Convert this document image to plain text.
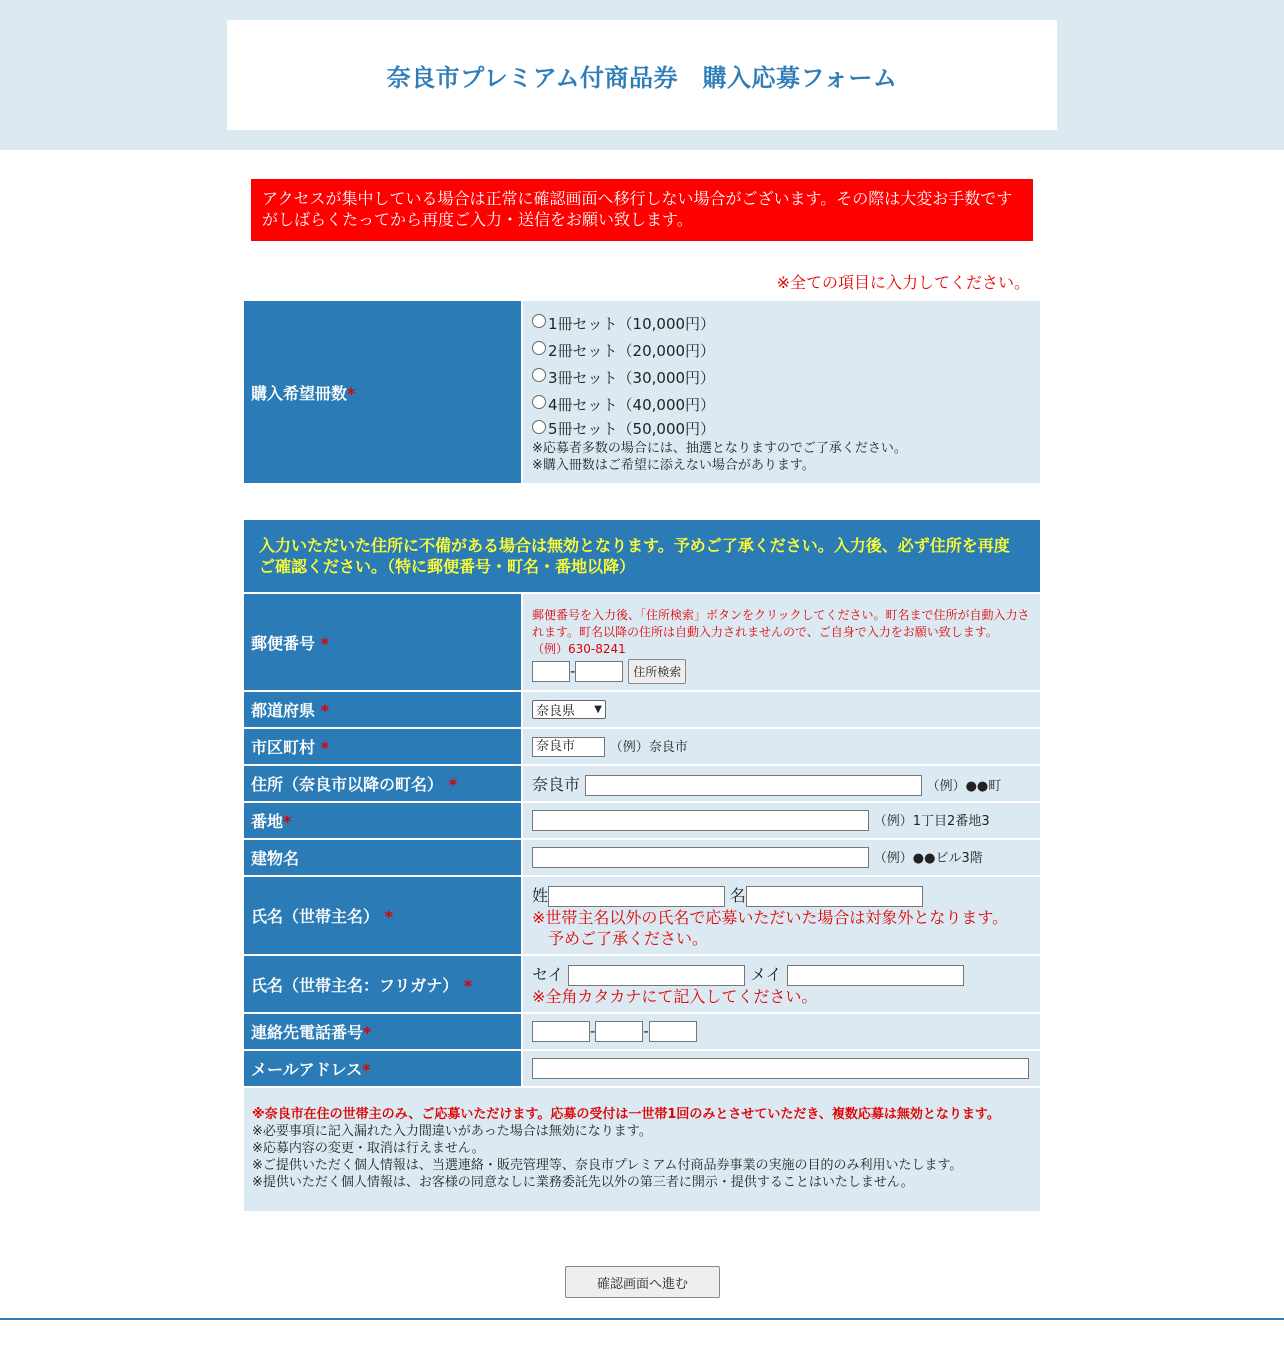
奈良市プレミアム付商品券　購入応募フォーム
アクセスが集中している場合は正常に確認画面へ移行しない場合がございます。その際は大変お手数ですがしばらくたってから再度ご入力・送信をお願い致します。
※全ての項目に入力してください。
購入希望冊数*	
1冊セット（10,000円）
2冊セット（20,000円）
3冊セット（30,000円）
4冊セット（40,000円）
5冊セット（50,000円）
※応募者多数の場合には、抽選となりますのでご了承ください。
※購入冊数はご希望に添えない場合があります。
入力いただいた住所に不備がある場合は無効となります。予めご了承ください。入力後、必ず住所を再度ご確認ください。（特に郵便番号・町名・番地以降）	
郵便番号 *	郵便番号を入力後、「住所検索」ボタンをクリックしてください。町名まで住所が自動入力されます。町名以降の住所は自動入力されませんので、ご自身で入力をお願い致します。
（例）630-8241
- 住所検索

都道府県 *	奈良県 ▼

市区町村 *	奈良市 （例）奈良市
住所（奈良市以降の町名） *	奈良市 （例）●●町
番地*	（例）1丁目2番地3
建物名	（例）●●ビル3階
氏名（世帯主名） *	姓 名
※世帯主名以外の氏名で応募いただいた場合は対象外となります。
予めご了承ください。

氏名（世帯主名：フリガナ） *	セイ メイ
※全角カタカナにて記入してください。

連絡先電話番号*	- -
メールアドレス*	

※奈良市在住の世帯主のみ、ご応募いただけます。応募の受付は一世帯1回のみとさせていただき、複数応募は無効となります。
※必要事項に記入漏れた入力間違いがあった場合は無効になります。
※応募内容の変更・取消は行えません。
※ご提供いただく個人情報は、当選連絡・販売管理等、奈良市プレミアム付商品券事業の実施の目的のみ利用いたします。
※提供いただく個人情報は、お客様の同意なしに業務委託先以外の第三者に開示・提供することはいたしません。	
確認画面へ進む
